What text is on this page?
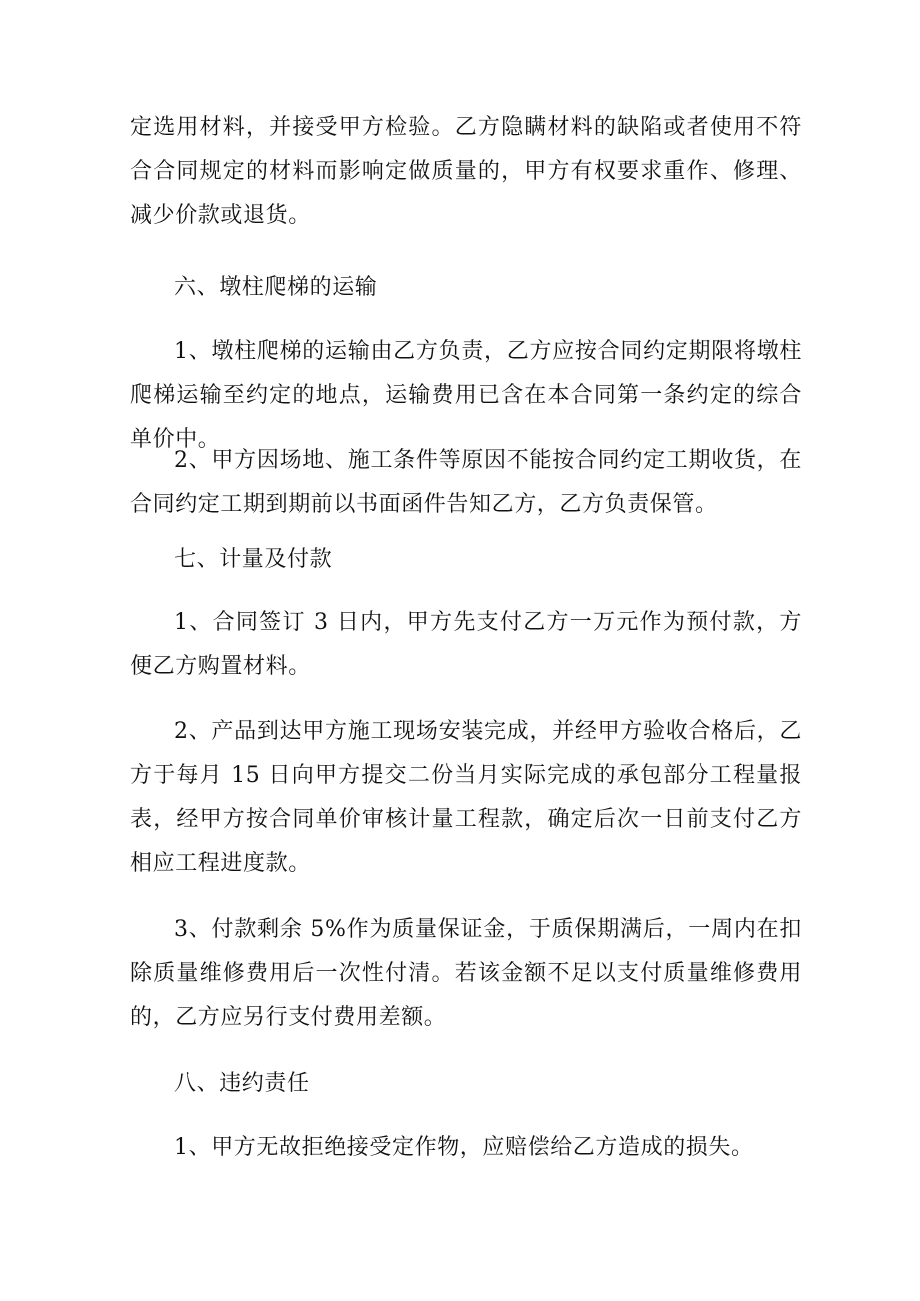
定选用材料，并接受甲方检验。乙方隐瞒材料的缺陷或者使用不符合合同规定的材料而影响定做质量的，甲方有权要求重作、修理、减少价款或退货。

六、墩柱爬梯的运输

1、墩柱爬梯的运输由乙方负责，乙方应按合同约定期限将墩柱爬梯运输至约定的地点，运输费用已含在本合同第一条约定的综合单价中。

2、甲方因场地、施工条件等原因不能按合同约定工期收货，在合同约定工期到期前以书面函件告知乙方，乙方负责保管。

七、计量及付款

1、合同签订 3 日内，甲方先支付乙方一万元作为预付款，方便乙方购置材料。

2、产品到达甲方施工现场安装完成，并经甲方验收合格后，乙方于每月 15 日向甲方提交二份当月实际完成的承包部分工程量报表，经甲方按合同单价审核计量工程款，确定后次一日前支付乙方相应工程进度款。

3、付款剩余 5%作为质量保证金，于质保期满后，一周内在扣除质量维修费用后一次性付清。若该金额不足以支付质量维修费用的，乙方应另行支付费用差额。

八、违约责任

1、甲方无故拒绝接受定作物，应赔偿给乙方造成的损失。
